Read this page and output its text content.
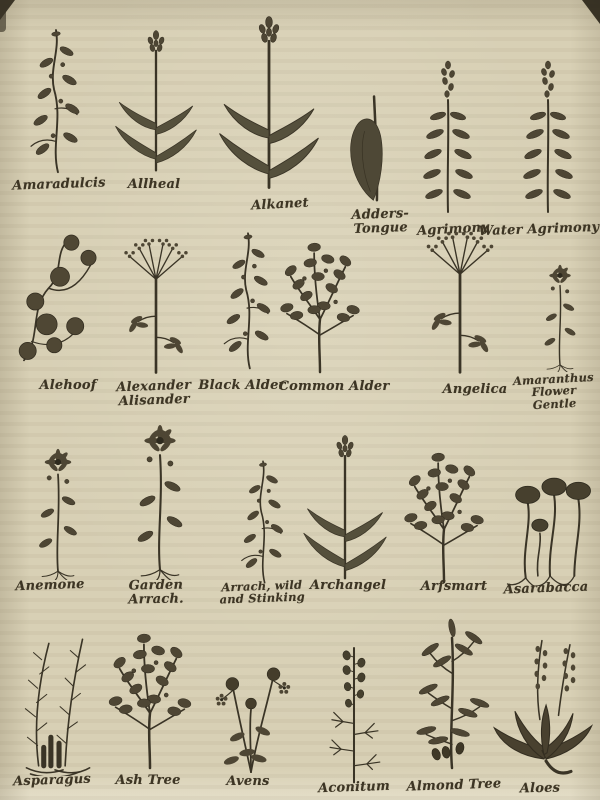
Amaradulcis	Allheal
Alkanet
Adders-Tongue Agrimony
Water Agrimony
Alehoof	Alexander
Alisander
Black Alder
Common Alder	Angelica
Amaranthus
Flower Gentle
Anemone	Garden Arrach.
Arrach, wild
and Stinking
Archangel	Arfsmart	Asarabacca
Asparagus	Ash Tree	Avens	Aconitum	Almond Tree	Aloes
